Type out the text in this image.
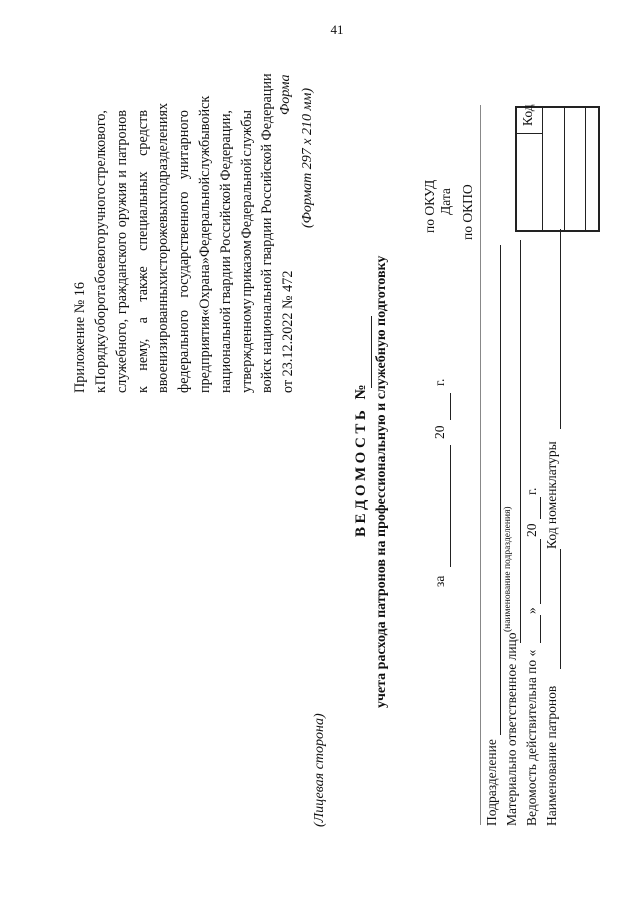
41
Приложение № 16 к
Порядку
оборота
боевого
ручного
стрелкового,
служебного,
гражданского
оружия
и
патронов
к
нему,
а
также
специальных
средств
в
военизированных
и
сторожевых
подразделениях
федерального
государственного
унитарного
предприятия
«Охрана»
Федеральной
службы
войск
национальной
гвардии
Российской
Федерации,
утвержденному
приказом
Федеральной
службы войск национальной гвардии Российской Федерации от 23.12.2022 № 472
Форма (Формат 297 х 210 мм)
(Лицевая сторона)
ВЕДОМОСТЬ № учета расхода патронов на профессиональную и служебную подготовку	за
20
г.
по ОКУД Дата по ОКПО
Код
Подразделение
(наименование подразделения)
Материально ответственное лицо Ведомость действительна по «
»
20
г.
Наименование патронов
Код номенклатуры
